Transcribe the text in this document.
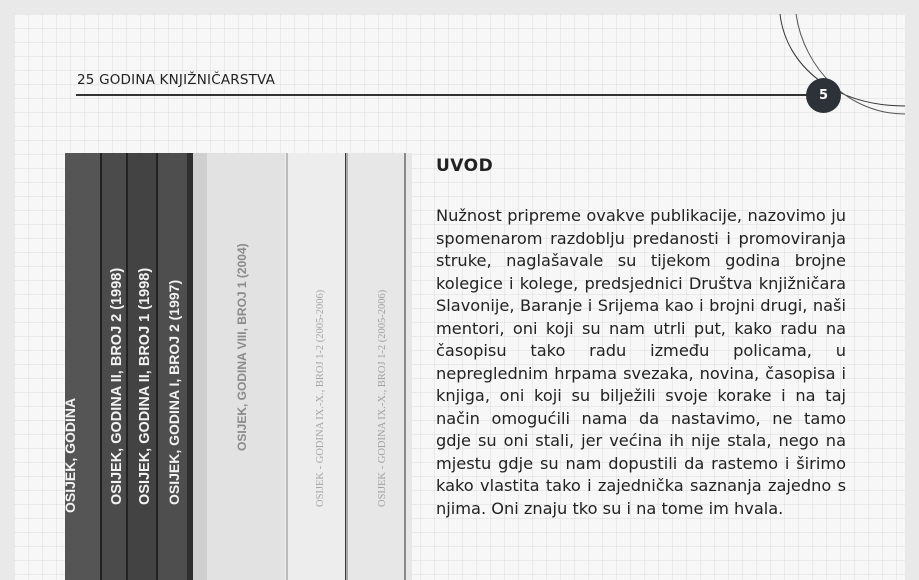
25 GODINA KNJIŽNIČARSTVA
5
OSIJEK, GODINA OSIJEK, GODINA II, BROJ 2 (1998) OSIJEK, GODINA II, BROJ 1 (1998) OSIJEK, GODINA I, BROJ 2 (1997)	OSIJEK, GODINA VIII, BROJ 1 (2004)	OSIJEK - GODINA IX.-X., BROJ 1-2 (2005-2006)	OSIJEK - GODINA IX.-X., BROJ 1-2 (2005-2006)
UVOD
Nužnost pripreme ovakve publikacije, nazovimo ju spomenarom razdoblju predanosti i promoviranja struke, naglašavale su tijekom godina brojne kolegice i kolege, predsjednici Društva knjižničara Slavonije, Baranje i Srijema kao i brojni drugi, naši mentori, oni koji su nam utrli put, kako radu na časopisu tako radu između policama, u nepreglednim hrpama svezaka, novina, časopisa i knjiga, oni koji su bilježili svoje korake i na taj način omogućili nama da nastavimo, ne tamo gdje su oni stali, jer većina ih nije stala, nego na mjestu gdje su nam dopustili da rastemo i širimo kako vlastita tako i zajednička saznanja zajedno s njima. Oni znaju tko su i na tome im hvala.
